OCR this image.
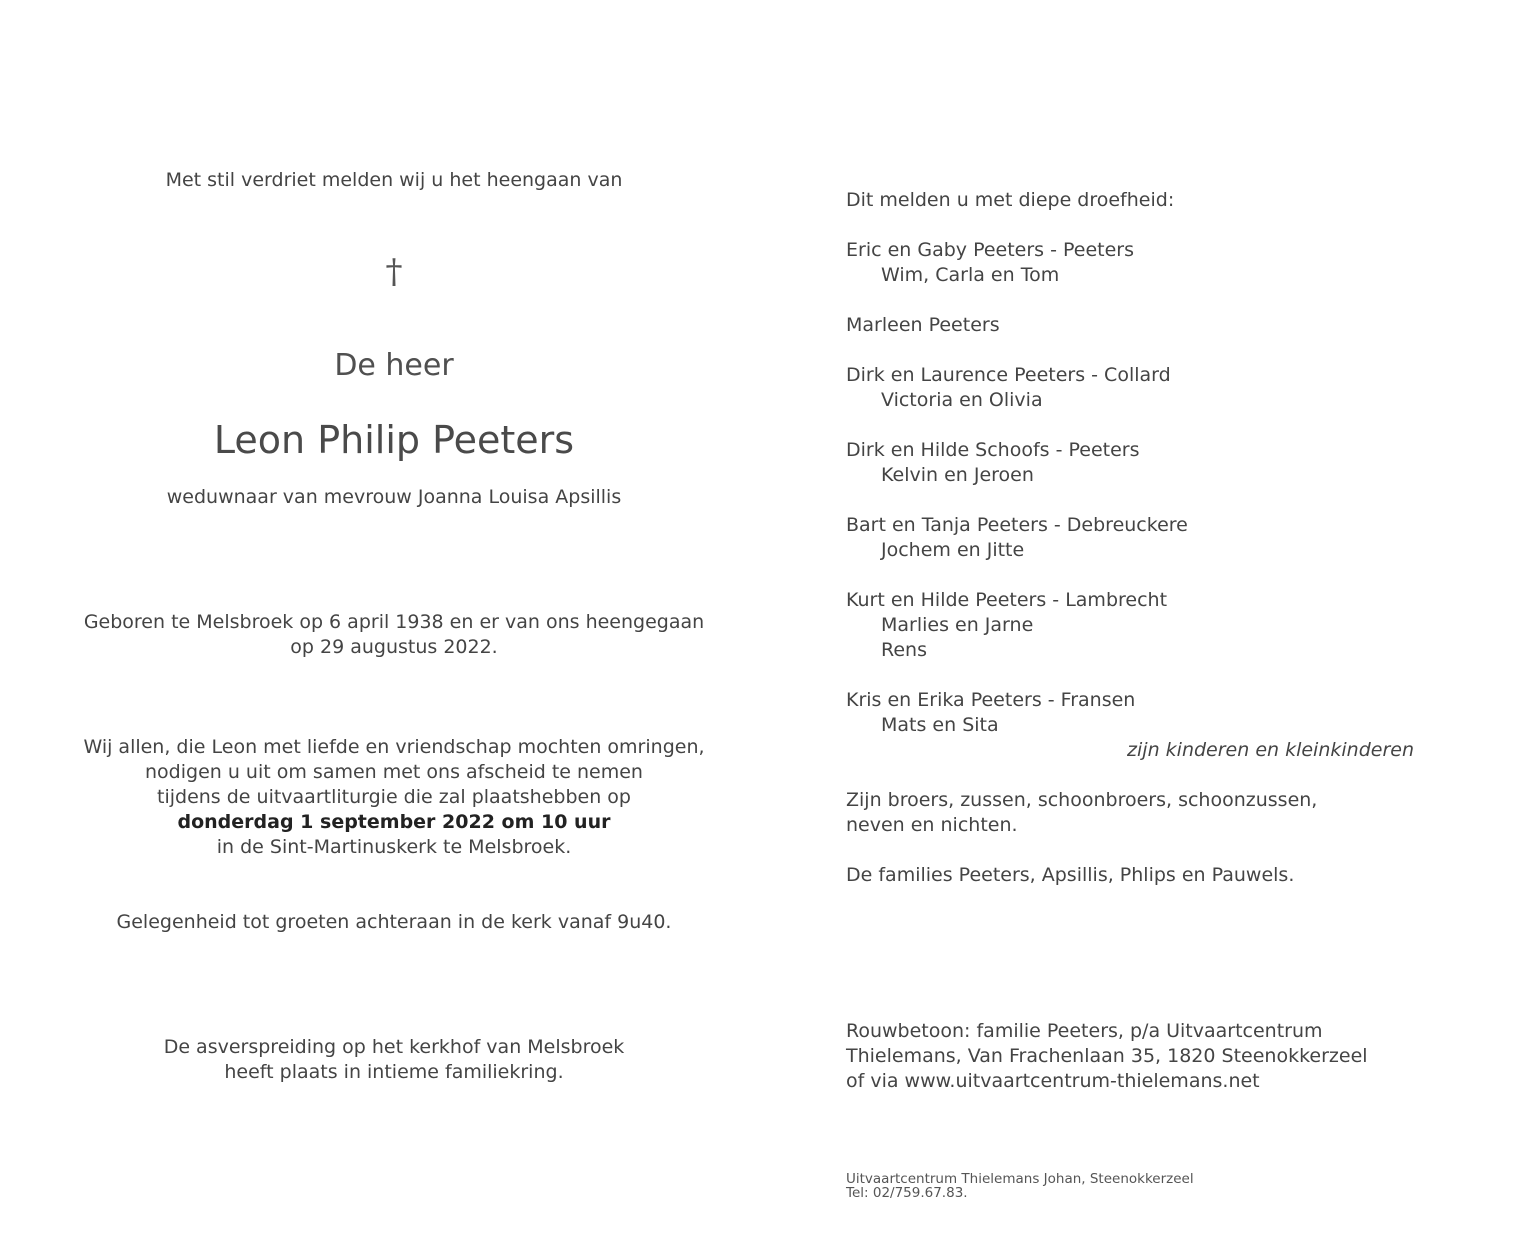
Met stil verdriet melden wij u het heengaan van
†
De heer
Leon Philip Peeters
weduwnaar van mevrouw Joanna Louisa Apsillis
Geboren te Melsbroek op 6 april 1938 en er van ons heengegaan
op 29 augustus 2022.
Wij allen, die Leon met liefde en vriendschap mochten omringen,
nodigen u uit om samen met ons afscheid te nemen
tijdens de uitvaartliturgie die zal plaatshebben op
donderdag 1 september 2022 om 10 uur
in de Sint-Martinuskerk te Melsbroek.
Gelegenheid tot groeten achteraan in de kerk vanaf 9u40.
De asverspreiding op het kerkhof van Melsbroek
heeft plaats in intieme familiekring.
Dit melden u met diepe droefheid:
Eric en Gaby Peeters - Peeters
Wim, Carla en Tom
Marleen Peeters
Dirk en Laurence Peeters - Collard
Victoria en Olivia
Dirk en Hilde Schoofs - Peeters
Kelvin en Jeroen
Bart en Tanja Peeters - Debreuckere
Jochem en Jitte
Kurt en Hilde Peeters - Lambrecht
Marlies en Jarne
Rens
Kris en Erika Peeters - Fransen
Mats en Sita
zijn kinderen en kleinkinderen
Zijn broers, zussen, schoonbroers, schoonzussen,
neven en nichten.
De families Peeters, Apsillis, Phlips en Pauwels.
Rouwbetoon: familie Peeters, p/a Uitvaartcentrum
Thielemans, Van Frachenlaan 35, 1820 Steenokkerzeel
of via www.uitvaartcentrum-thielemans.net
Uitvaartcentrum Thielemans Johan, Steenokkerzeel
Tel: 02/759.67.83.
